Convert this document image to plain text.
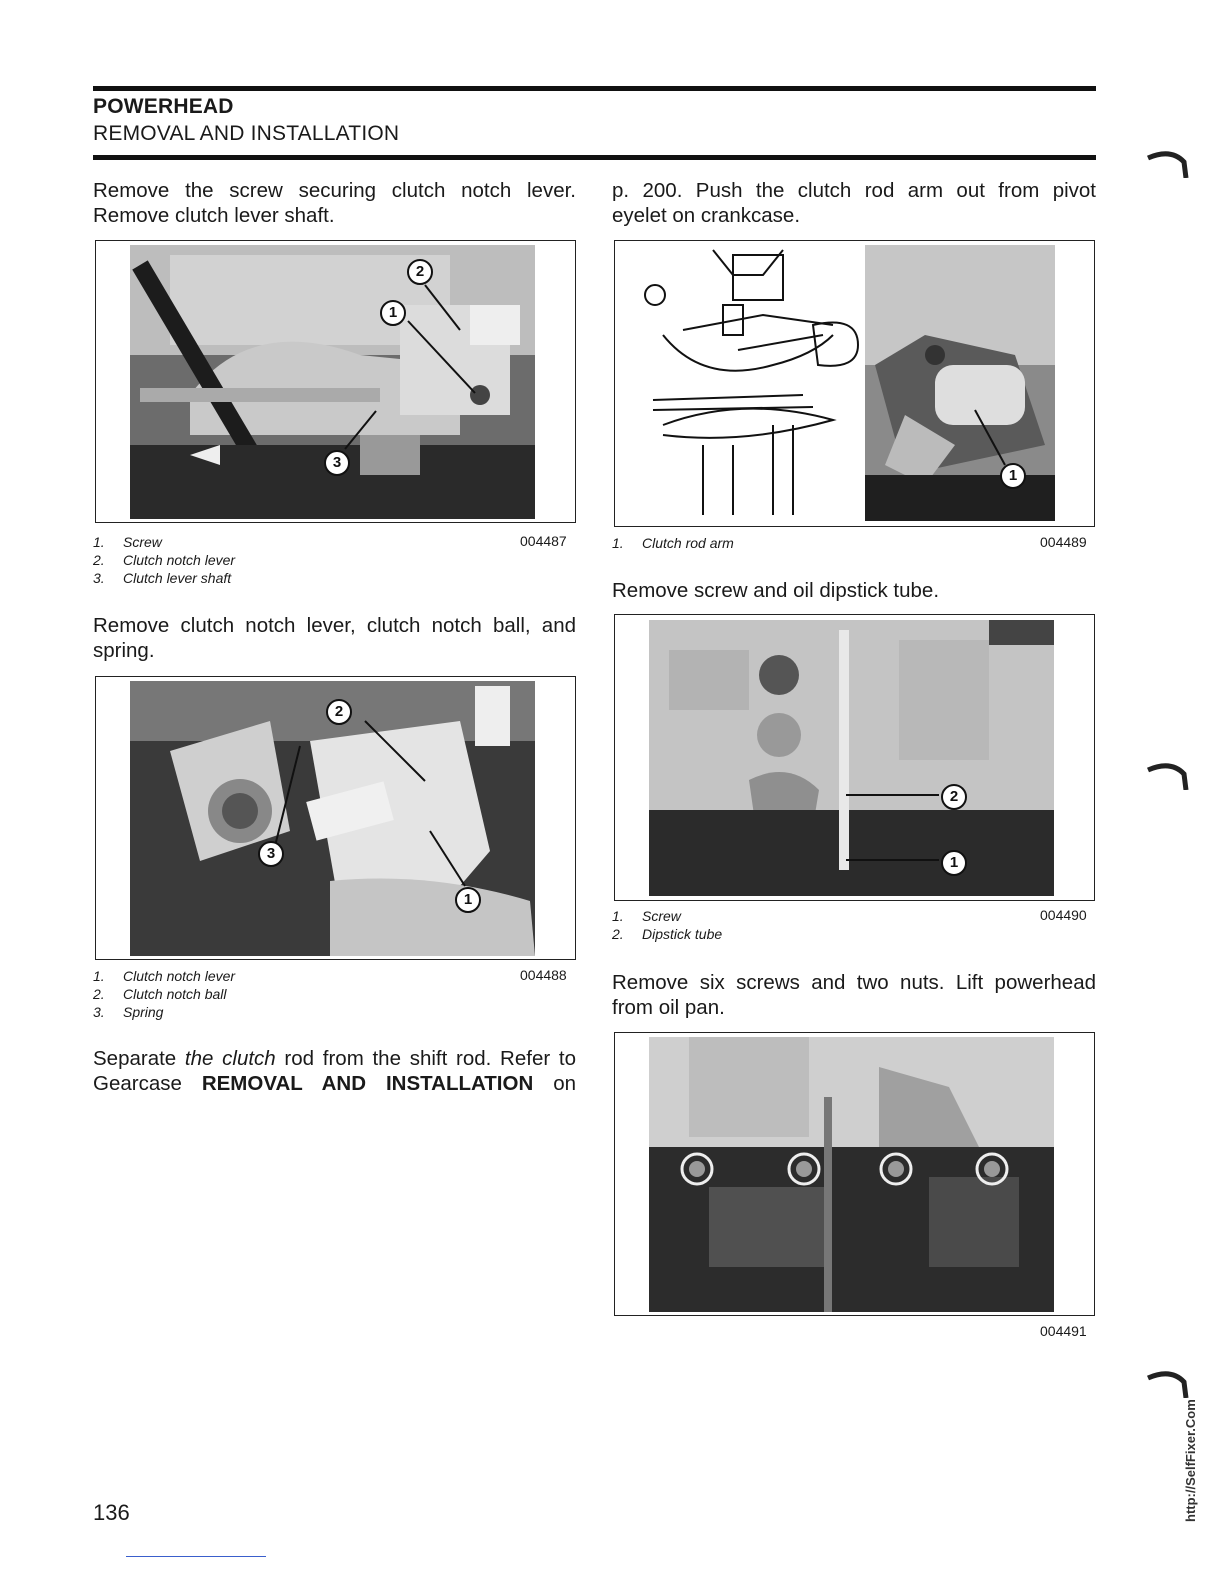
POWERHEAD
REMOVAL AND INSTALLATION
Remove the screw securing clutch notch lever.
Remove clutch lever shaft.
2
1
3
1.	Screw
2.	Clutch notch lever
3.	Clutch lever shaft
004487
Remove clutch notch lever, clutch notch ball, and
spring.
2
3
1
1.	Clutch notch lever
2.	Clutch notch ball
3.	Spring
004488
Separate the clutch rod from the shift rod. Refer to
Gearcase REMOVAL AND INSTALLATION on
p. 200. Push the clutch rod arm out from pivot
eyelet on crankcase.
1
1.	Clutch rod arm	004489
Remove screw and oil dipstick tube.
2
1
1.	Screw
2.	Dipstick tube
004490
Remove six screws and two nuts. Lift powerhead
from oil pan.
004491
136	http://SelfFixer.Com
